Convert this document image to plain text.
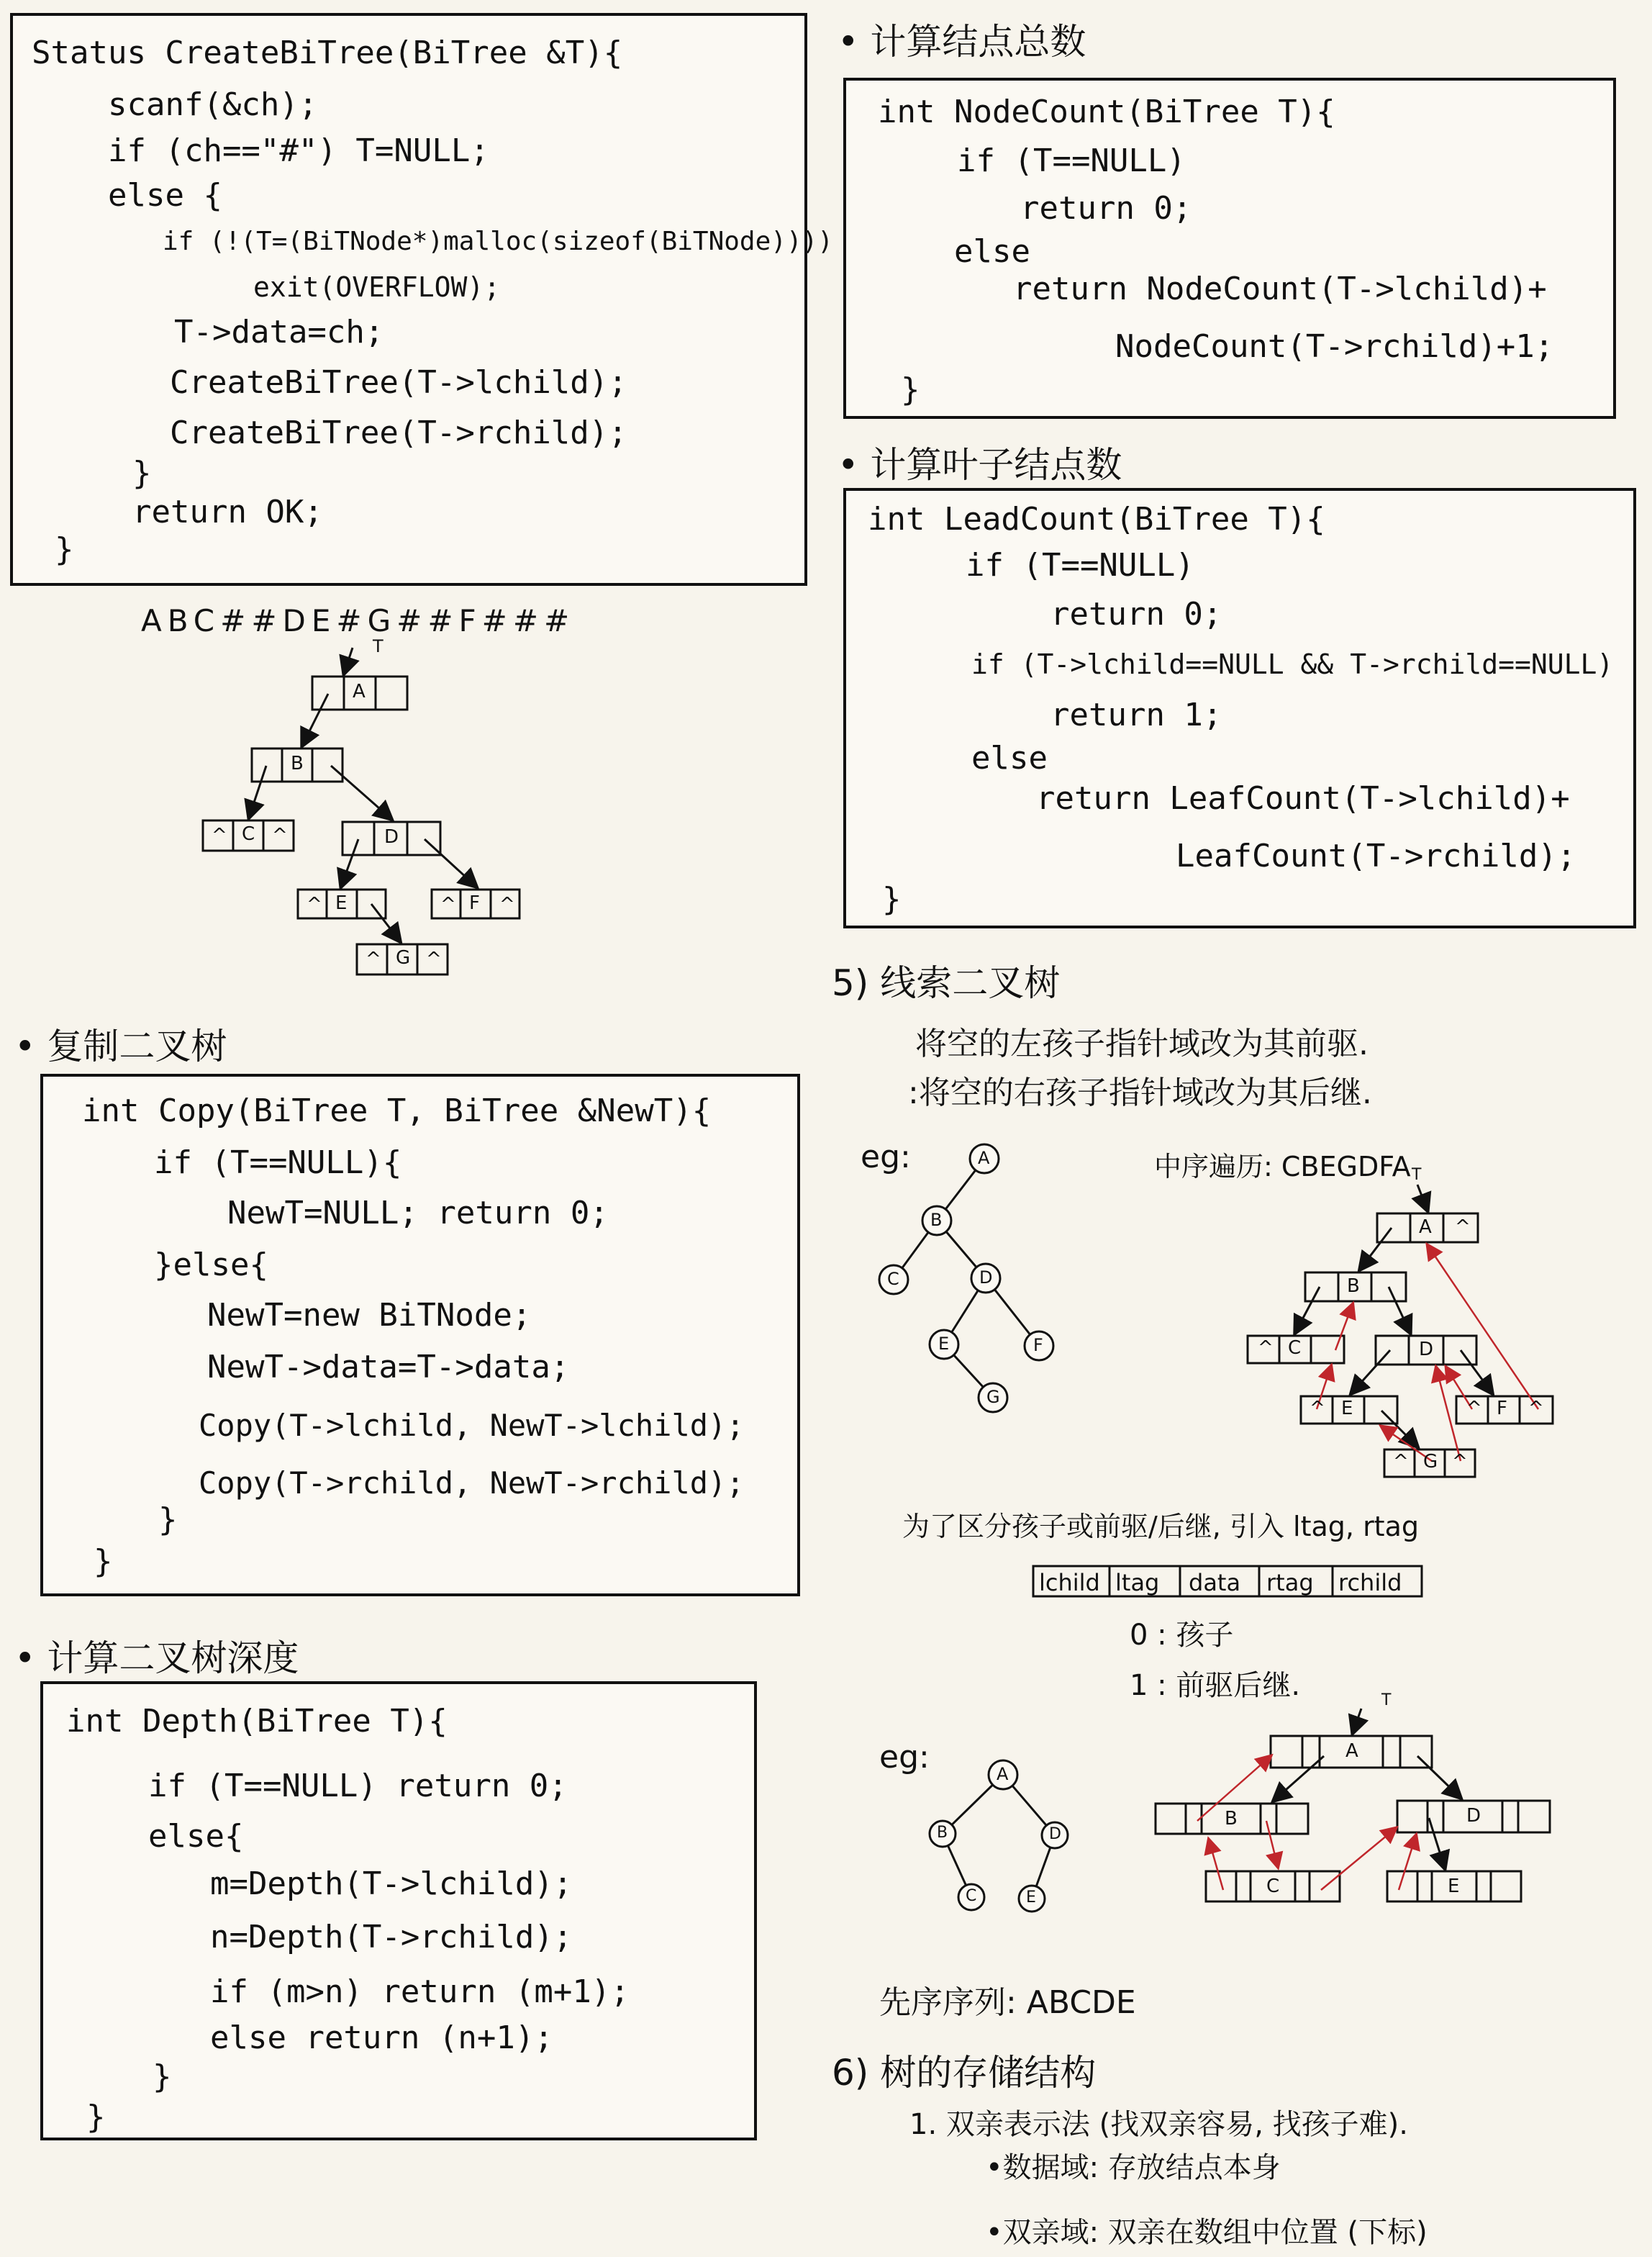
Status CreateBiTree(BiTree &T){
scanf(&ch);
if (ch=="#") T=NULL;
else {
if (!(T=(BiTNode*)malloc(sizeof(BiTNode))))
exit(OVERFLOW);
T->data=ch;
CreateBiTree(T->lchild);
CreateBiTree(T->rchild);
}
return OK;
}
ABC##DE#G##F###
T
A
B
C	D
E	F
G
^ ^
^	^ ^
^ ^
• 复制二叉树
int Copy(BiTree T, BiTree &NewT){
if (T==NULL){
NewT=NULL; return 0;
}else{
NewT=new BiTNode;
NewT->data=T->data;
Copy(T->lchild, NewT->lchild);
Copy(T->rchild, NewT->rchild);
}
}
• 计算二叉树深度
int Depth(BiTree T){
if (T==NULL) return 0;
else{
m=Depth(T->lchild);
n=Depth(T->rchild);
if (m>n) return (m+1);
else return (n+1);
}
}
• 计算结点总数
int NodeCount(BiTree T){
if (T==NULL)
return 0;
else
return NodeCount(T->lchild)+
NodeCount(T->rchild)+1;
}
• 计算叶子结点数
int LeadCount(BiTree T){
if (T==NULL)
return 0;
if (T->lchild==NULL && T->rchild==NULL)
return 1;
else
return LeafCount(T->lchild)+
LeafCount(T->rchild);
}
5) 线索二叉树
将空的左孩子指针域改为其前驱.
:将空的右孩子指针域改为其后继.
eg:	中序遍历: CBEGDFA
A
B
C	D
E	F
G
T
A ^
B
C
^	D
E
^	F
^ ^
G
^ ^
为了区分孩子或前驱/后继, 引入 ltag, rtag
lchild ltag data rtag rchild
0 : 孩子
1 : 前驱后继.
eg:	A
B	D
C	E
T
A
B	D
C	E
先序序列: ABCDE
6) 树的存储结构
1. 双亲表示法 (找双亲容易, 找孩子难).
•数据域: 存放结点本身
•双亲域: 双亲在数组中位置 (下标)
